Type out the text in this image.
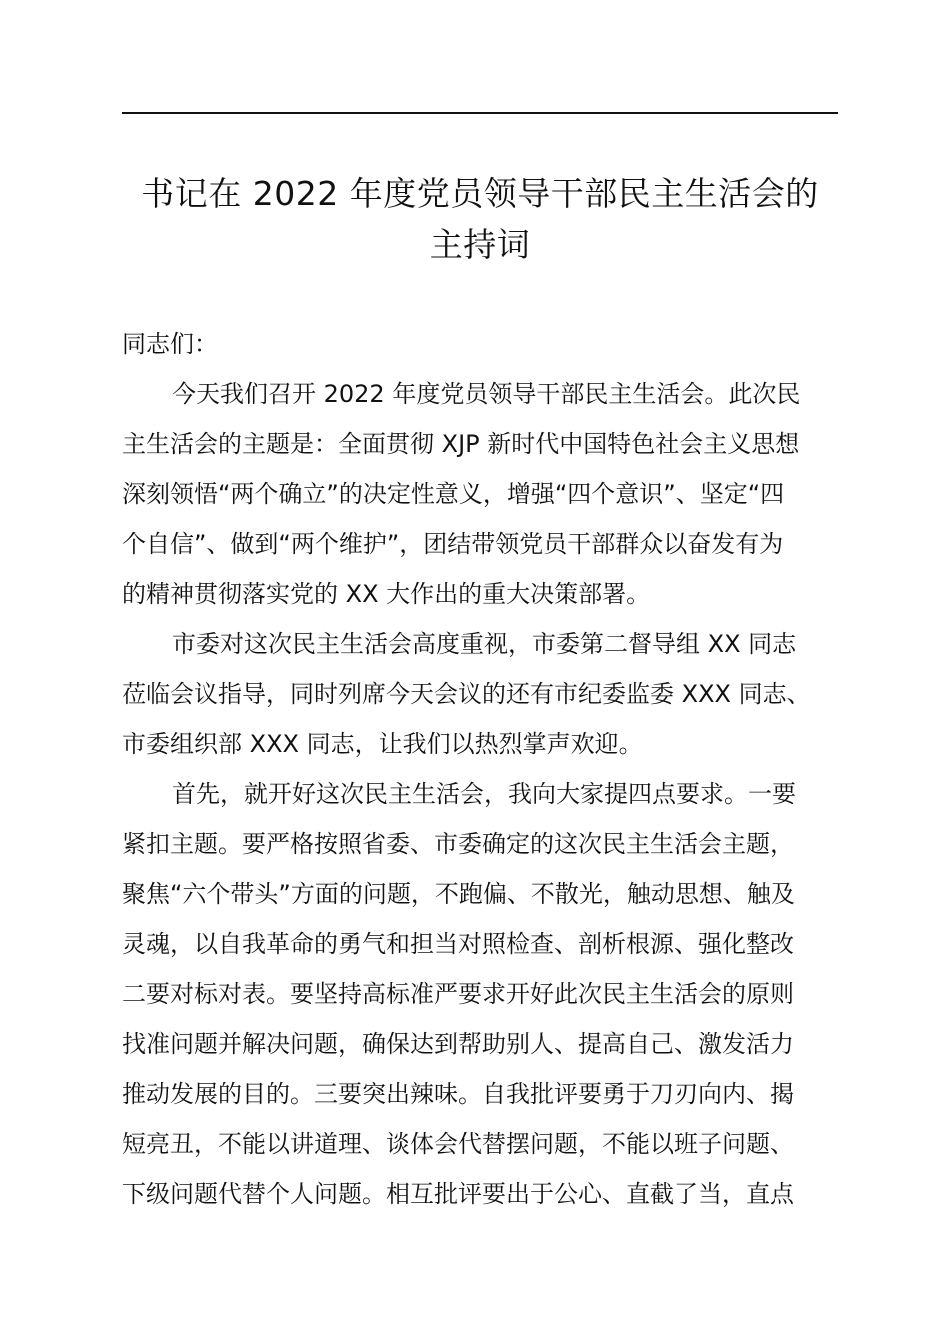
书记在 2022 年度党员领导干部民主生活会的
主持词
同志们：
今天我们召开 2022 年度党员领导干部民主生活会。此次民
主生活会的主题是：全面贯彻 XJP 新时代中国特色社会主义思想
深刻领悟“两个确立”的决定性意义，增强“四个意识”、坚定“四
个自信”、做到“两个维护”，团结带领党员干部群众以奋发有为
的精神贯彻落实党的 XX 大作出的重大决策部署。
市委对这次民主生活会高度重视，市委第二督导组 XX 同志
莅临会议指导，同时列席今天会议的还有市纪委监委 XXX 同志、
市委组织部 XXX 同志，让我们以热烈掌声欢迎。
首先，就开好这次民主生活会，我向大家提四点要求。一要
紧扣主题。要严格按照省委、市委确定的这次民主生活会主题，
聚焦“六个带头”方面的问题，不跑偏、不散光，触动思想、触及
灵魂，以自我革命的勇气和担当对照检查、剖析根源、强化整改
二要对标对表。要坚持高标准严要求开好此次民主生活会的原则
找准问题并解决问题，确保达到帮助别人、提高自己、激发活力
推动发展的目的。三要突出辣味。自我批评要勇于刀刃向内、揭
短亮丑，不能以讲道理、谈体会代替摆问题，不能以班子问题、
下级问题代替个人问题。相互批评要出于公心、直截了当，直点
